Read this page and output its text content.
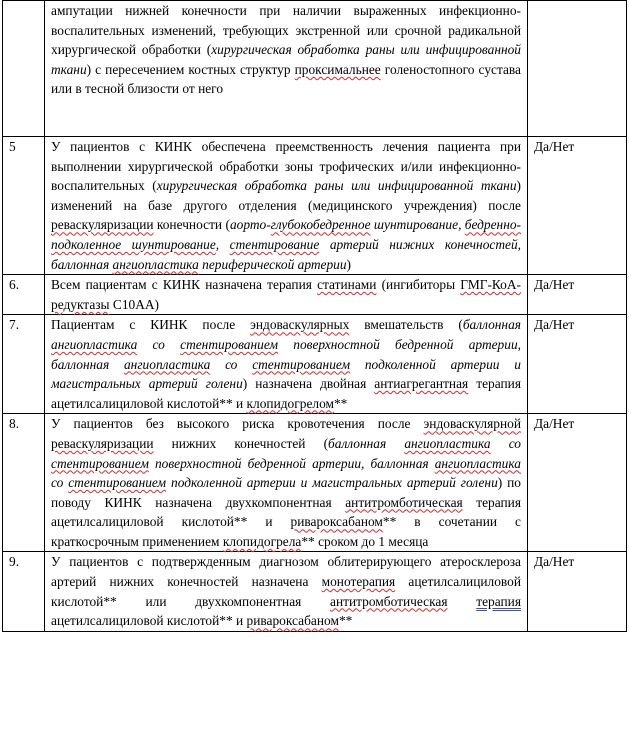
	ампутации нижней конечности при наличии выраженных инфекционно-воспалительных изменений, требующих экстренной или срочной радикальной хирургической обработки (хирургическая обработка раны или инфицированной ткани) с пересечением костных структур проксимальнее голеностопного сустава или в тесной близости от него	
5	У пациентов с КИНК обеспечена преемственность лечения пациента при выполнении хирургической обработки зоны трофических и/или инфекционно-воспалительных (хирургическая обработка раны или инфицированной ткани) изменений на базе другого отделения (медицинского учреждения) после реваскуляризации конечности (аорто-глубокобедренное шунтирование, бедренно-подколенное шунтирование, стентирование артерий нижних конечностей, баллонная ангиопластика периферической артерии)	Да/Нет
6.	Всем пациентам с КИНК назначена терапия статинами (ингибиторы ГМГ-КоА-редуктазы С10АА)	Да/Нет
7.	Пациентам с КИНК после эндоваскулярных вмешательств (баллонная ангиопластика со стентированием поверхностной бедренной артерии, баллонная ангиопластика со стентированием подколенной артерии и магистральных артерий голени) назначена двойная антиагрегантная терапия ацетилсалициловой кислотой** и клопидогрелом**	Да/Нет
8.	У пациентов без высокого риска кровотечения после эндоваскулярной реваскуляризации нижних конечностей (баллонная ангиопластика со стентированием поверхностной бедренной артерии, баллонная ангиопластика со стентированием подколенной артерии и магистральных артерий голени) по поводу КИНК назначена двухкомпонентная антитромботическая терапия ацетилсалициловой кислотой** и ривароксабаном** в сочетании с краткосрочным применением клопидогрела** сроком до 1 месяца	Да/Нет
9.	У пациентов с подтвержденным диагнозом облитерирующего атеросклероза артерий нижних конечностей назначена монотерапия ацетилсалициловой кислотой** или двухкомпонентная антитромботическая терапия ацетилсалициловой кислотой** и ривароксабаном**	Да/Нет
